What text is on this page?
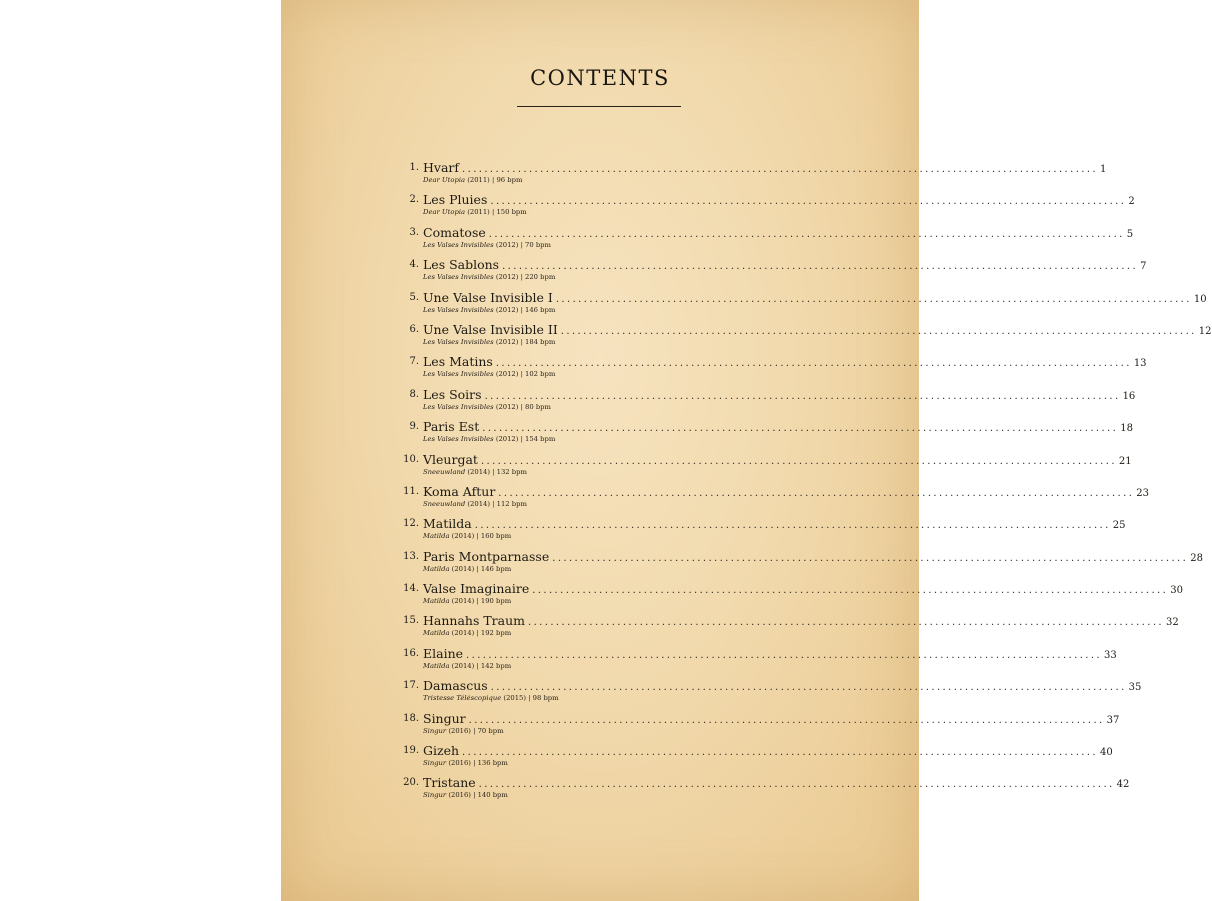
CONTENTS
1. Hvarf .................................................................................................................. 1
Dear Utopia (2011) | 96 bpm
2. Les Pluies .................................................................................................................. 2
Dear Utopia (2011) | 150 bpm
3. Comatose .................................................................................................................. 5
Les Valses Invisibles (2012) | 70 bpm
4. Les Sablons .................................................................................................................. 7
Les Valses Invisibles (2012) | 220 bpm
5. Une Valse Invisible I .................................................................................................................. 10
Les Valses Invisibles (2012) | 146 bpm
6. Une Valse Invisible II .................................................................................................................. 12
Les Valses Invisibles (2012) | 184 bpm
7. Les Matins .................................................................................................................. 13
Les Valses Invisibles (2012) | 102 bpm
8. Les Soirs .................................................................................................................. 16
Les Valses Invisibles (2012) | 80 bpm
9. Paris Est .................................................................................................................. 18
Les Valses Invisibles (2012) | 154 bpm
10. Vleurgat .................................................................................................................. 21
Sneeuwland (2014) | 132 bpm
11. Koma Aftur .................................................................................................................. 23
Sneeuwland (2014) | 112 bpm
12. Matilda .................................................................................................................. 25
Matilda (2014) | 160 bpm
13. Paris Montparnasse .................................................................................................................. 28
Matilda (2014) | 146 bpm
14. Valse Imaginaire .................................................................................................................. 30
Matilda (2014) | 190 bpm
15. Hannahs Traum .................................................................................................................. 32
Matilda (2014) | 192 bpm
16. Elaine .................................................................................................................. 33
Matilda (2014) | 142 bpm
17. Damascus .................................................................................................................. 35
Tristesse Téléscopique (2015) | 98 bpm
18. Singur .................................................................................................................. 37
Singur (2016) | 70 bpm
19. Gizeh .................................................................................................................. 40
Singur (2016) | 136 bpm
20. Tristane .................................................................................................................. 42
Singur (2016) | 140 bpm
